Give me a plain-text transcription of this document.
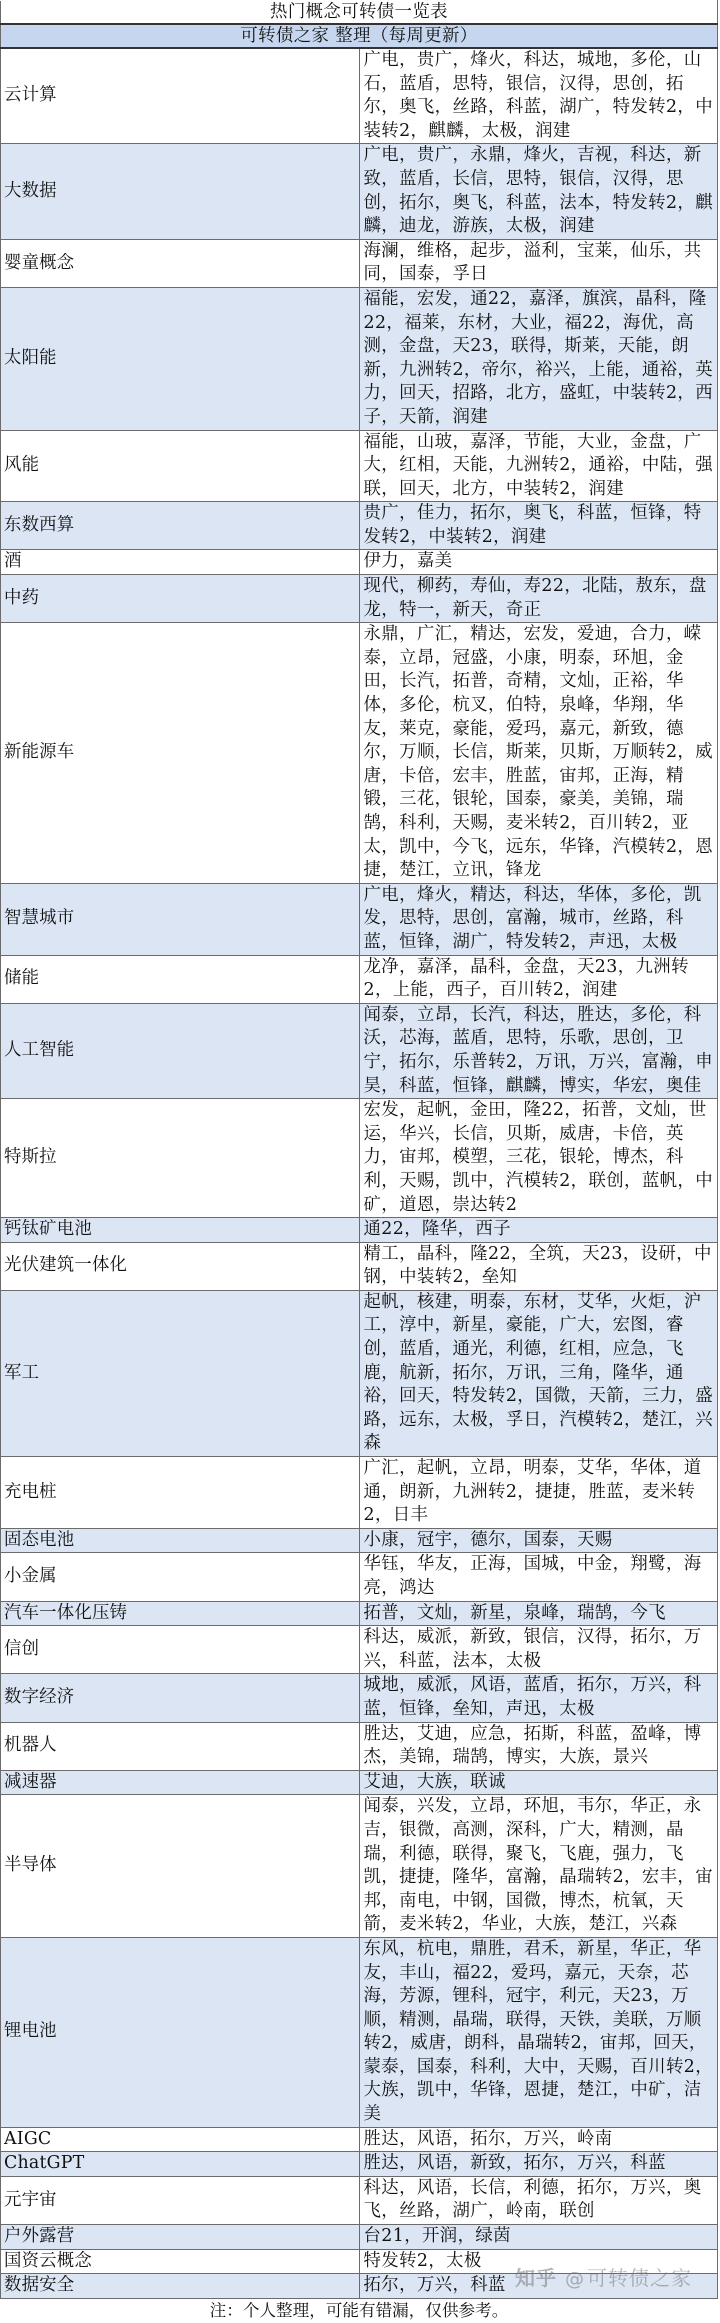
热门概念可转债一览表	
可转债之家 整理（每周更新）	
云计算	广电，贵广，烽火，科达，城地，多伦，山石，蓝盾，思特，银信，汉得，思创，拓尔，奥飞，丝路，科蓝，湖广，特发转2，中装转2，麒麟，太极，润建
大数据	广电，贵广，永鼎，烽火，吉视，科达，新致，蓝盾，长信，思特，银信，汉得，思创，拓尔，奥飞，科蓝，法本，特发转2，麒麟，迪龙，游族，太极，润建
婴童概念	海澜，维格，起步，溢利，宝莱，仙乐，共同，国泰，孚日
太阳能	福能，宏发，通22，嘉泽，旗滨，晶科，隆22，福莱，东材，大业，福22，海优，高测，金盘，天23，联得，斯莱，天能，朗新，九洲转2，帝尔，裕兴，上能，通裕，英力，回天，招路，北方，盛虹，中装转2，西子，天箭，润建
风能	福能，山玻，嘉泽，节能，大业，金盘，广大，红相，天能，九洲转2，通裕，中陆，强联，回天，北方，中装转2，润建
东数西算	贵广，佳力，拓尔，奥飞，科蓝，恒锋，特发转2，中装转2，润建
酒	伊力，嘉美
中药	现代，柳药，寿仙，寿22，北陆，敖东，盘龙，特一，新天，奇正
新能源车	永鼎，广汇，精达，宏发，爱迪，合力，嵘泰，立昂，冠盛，小康，明泰，环旭，金田，长汽，拓普，奇精，文灿，正裕，华体，多伦，杭叉，伯特，泉峰，华翔，华友，莱克，豪能，爱玛，嘉元，新致，德尔，万顺，长信，斯莱，贝斯，万顺转2，威唐，卡倍，宏丰，胜蓝，宙邦，正海，精锻，三花，银轮，国泰，豪美，美锦，瑞鹄，科利，天赐，麦米转2，百川转2，亚太，凯中，今飞，远东，华锋，汽模转2，恩捷，楚江，立讯，锋龙
智慧城市	广电，烽火，精达，科达，华体，多伦，凯发，思特，思创，富瀚，城市，丝路，科蓝，恒锋，湖广，特发转2，声迅，太极
储能	龙净，嘉泽，晶科，金盘，天23，九洲转2，上能，西子，百川转2，润建
人工智能	闻泰，立昂，长汽，科达，胜达，多伦，科沃，芯海，蓝盾，思特，乐歌，思创，卫宁，拓尔，乐普转2，万讯，万兴，富瀚，申昊，科蓝，恒锋，麒麟，博实，华宏，奥佳
特斯拉	宏发，起帆，金田，隆22，拓普，文灿，世运，华兴，长信，贝斯，威唐，卡倍，英力，宙邦，模塑，三花，银轮，博杰，科利，天赐，凯中，汽模转2，联创，蓝帆，中矿，道恩，崇达转2
钙钛矿电池	通22，隆华，西子
光伏建筑一体化	精工，晶科，隆22，全筑，天23，设研，中钢，中装转2，垒知
军工	起帆，核建，明泰，东材，艾华，火炬，沪工，淳中，新星，豪能，广大，宏图，睿创，蓝盾，通光，利德，红相，应急，飞鹿，航新，拓尔，万讯，三角，隆华，通裕，回天，特发转2，国微，天箭，三力，盛路，远东，太极，孚日，汽模转2，楚江，兴森
充电桩	广汇，起帆，立昂，明泰，艾华，华体，道通，朗新，九洲转2，捷捷，胜蓝，麦米转2，日丰
固态电池	小康，冠宇，德尔，国泰，天赐
小金属	华钰，华友，正海，国城，中金，翔鹭，海亮，鸿达
汽车一体化压铸	拓普，文灿，新星，泉峰，瑞鹄，今飞
信创	科达，威派，新致，银信，汉得，拓尔，万兴，科蓝，法本，太极
数字经济	城地，威派，风语，蓝盾，拓尔，万兴，科蓝，恒锋，垒知，声迅，太极
机器人	胜达，艾迪，应急，拓斯，科蓝，盈峰，博杰，美锦，瑞鹄，博实，大族，景兴
减速器	艾迪，大族，联诚
半导体	闻泰，兴发，立昂，环旭，韦尔，华正，永吉，银微，高测，深科，广大，精测，晶瑞，利德，联得，聚飞，飞鹿，强力，飞凯，捷捷，隆华，富瀚，晶瑞转2，宏丰，宙邦，南电，中钢，国微，博杰，杭氧，天箭，麦米转2，华业，大族，楚江，兴森
锂电池	东风，杭电，鼎胜，君禾，新星，华正，华友，丰山，福22，爱玛，嘉元，天奈，芯海，芳源，锂科，冠宇，利元，天23，万顺，精测，晶瑞，联得，天铁，美联，万顺转2，威唐，朗科，晶瑞转2，宙邦，回天，蒙泰，国泰，科利，大中，天赐，百川转2，大族，凯中，华锋，恩捷，楚江，中矿，洁美
AIGC	胜达，风语，拓尔，万兴，岭南
ChatGPT	胜达，风语，新致，拓尔，万兴，科蓝
元宇宙	科达，风语，长信，利德，拓尔，万兴，奥飞，丝路，湖广，岭南，联创
户外露营	台21，开润，绿茵
国资云概念	特发转2，太极
数据安全	拓尔，万兴，科蓝
注：个人整理，可能有错漏，仅供参考。
知乎 @ 可转债之家
